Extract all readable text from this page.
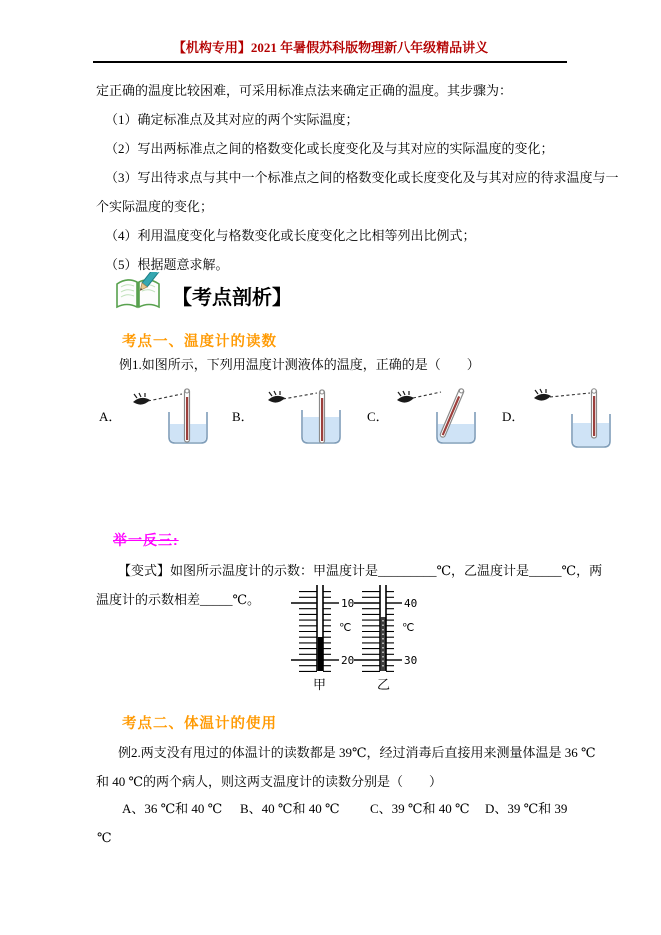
【机构专用】2021 年暑假苏科版物理新八年级精品讲义
定正确的温度比较困难，可采用标准点法来确定正确的温度。其步骤为：
（1）确定标准点及其对应的两个实际温度；
（2）写出两标准点之间的格数变化或长度变化及与其对应的实际温度的变化；
（3）写出待求点与其中一个标准点之间的格数变化或长度变化及与其对应的待求温度与一
个实际温度的变化；
（4）利用温度变化与格数变化或长度变化之比相等列出比例式；
（5）根据题意求解。
【考点剖析】
考点一、温度计的读数
例1.如图所示，下列用温度计测液体的温度，正确的是（　　）
A．	B．	C．	D．
举一反三:
【变式】如图所示温度计的示数：甲温度计是_________℃，乙温度计是_____℃，两
温度计的示数相差_____℃。	10
℃
20
甲
40
℃
30
乙
考点二、体温计的使用
例2.两支没有甩过的体温计的读数都是 39℃，经过消毒后直接用来测量体温是 36 ℃
和 40 ℃的两个病人，则这两支温度计的读数分别是（　　）
A、36 ℃和 40 ℃ B、40 ℃和 40 ℃ C、39 ℃和 40 ℃ D、39 ℃和 39
℃
